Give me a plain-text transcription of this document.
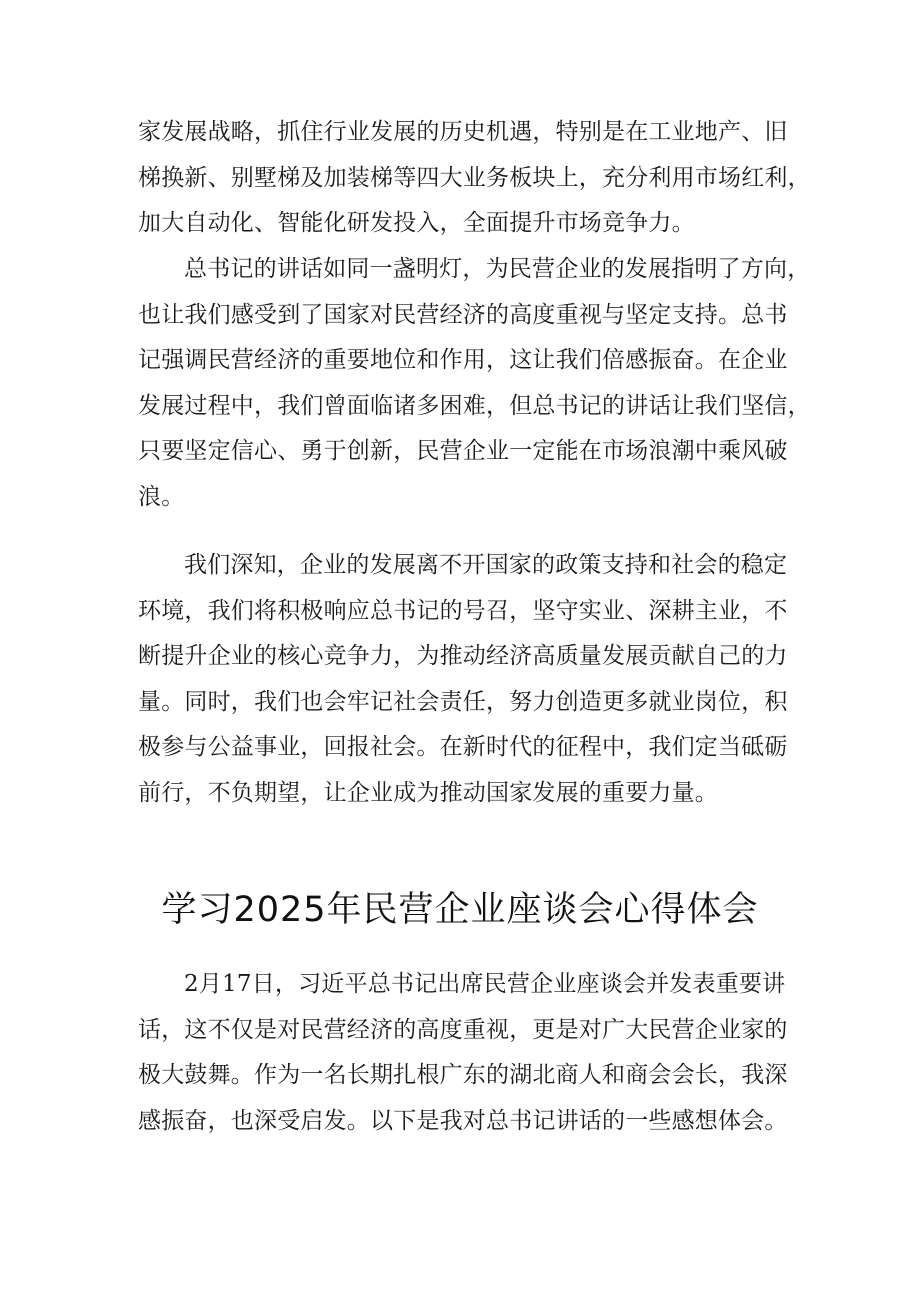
家发展战略，抓住行业发展的历史机遇，特别是在工业地产、旧
梯换新、别墅梯及加装梯等四大业务板块上，充分利用市场红利，
加大自动化、智能化研发投入，全面提升市场竞争力。
总书记的讲话如同一盏明灯，为民营企业的发展指明了方向，
也让我们感受到了国家对民营经济的高度重视与坚定支持。总书
记强调民营经济的重要地位和作用，这让我们倍感振奋。在企业
发展过程中，我们曾面临诸多困难，但总书记的讲话让我们坚信，
只要坚定信心、勇于创新，民营企业一定能在市场浪潮中乘风破
浪。
我们深知，企业的发展离不开国家的政策支持和社会的稳定
环境，我们将积极响应总书记的号召，坚守实业、深耕主业，不
断提升企业的核心竞争力，为推动经济高质量发展贡献自己的力
量。同时，我们也会牢记社会责任，努力创造更多就业岗位，积
极参与公益事业，回报社会。在新时代的征程中，我们定当砥砺
前行，不负期望，让企业成为推动国家发展的重要力量。
学习2025年民营企业座谈会心得体会
2月17日，习近平总书记出席民营企业座谈会并发表重要讲
话，这不仅是对民营经济的高度重视，更是对广大民营企业家的
极大鼓舞。作为一名长期扎根广东的湖北商人和商会会长，我深
感振奋，也深受启发。以下是我对总书记讲话的一些感想体会。
